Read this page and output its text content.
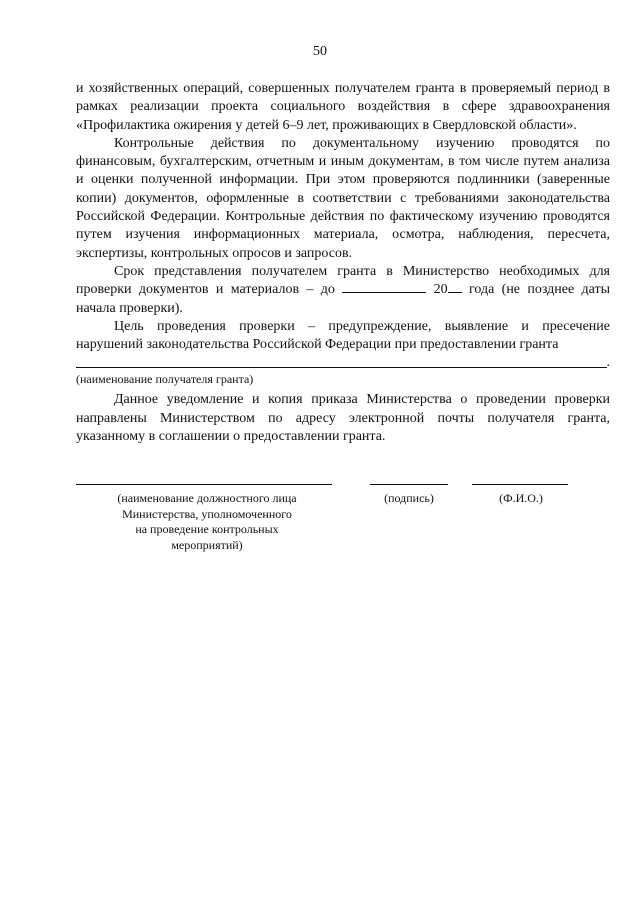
50

и хозяйственных операций, совершенных получателем гранта в проверяемый период в рамках реализации проекта социального воздействия в сфере здравоохранения «Профилактика ожирения у детей 6–9 лет, проживающих в Свердловской области».

Контрольные действия по документальному изучению проводятся по финансовым, бухгалтерским, отчетным и иным документам, в том числе путем анализа и оценки полученной информации. При этом проверяются подлинники (заверенные копии) документов, оформленные в соответствии с требованиями законодательства Российской Федерации. Контрольные действия по фактическому изучению проводятся путем изучения информационных материала, осмотра, наблюдения, пересчета, экспертизы, контрольных опросов и запросов.

Срок представления получателем гранта в Министерство необходимых для проверки документов и материалов – до	20 года (не позднее даты начала проверки).

Цель проведения проверки – предупреждение, выявление и пресечение нарушений законодательства Российской Федерации при предоставлении гранта

.

(наименование получателя гранта)

Данное уведомление и копия приказа Министерства о проведении проверки направлены Министерством по адресу электронной почты получателя гранта, указанному в соглашении о предоставлении гранта.

(наименование должностного лица
Министерства, уполномоченного
на проведение контрольных
мероприятий)
(подпись)	(Ф.И.О.)
